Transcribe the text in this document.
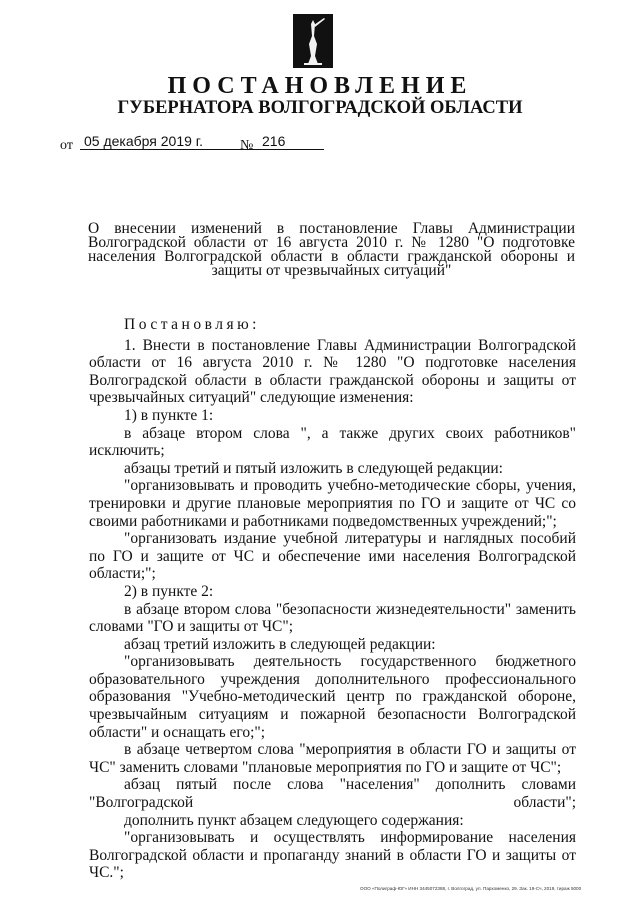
ПОСТАНОВЛЕНИЕ
ГУБЕРНАТОРА ВОЛГОГРАДСКОЙ ОБЛАСТИ
от 05 декабря 2019 г.	№ 216
О внесении изменений в постановление Главы Администрации Волгоградской области от 16 августа 2010 г. № 1280 "О подготовке населения Волгоградской области в области гражданской обороны и защиты от чрезвычайных ситуаций"

Постановляю:

1. Внести в постановление Главы Администрации Волгоградской области от 16 августа 2010 г. № 1280 "О подготовке населения Волгоградской области в области гражданской обороны и защиты от чрезвычайных ситуаций" следующие изменения:

1) в пункте 1:

в абзаце втором слова ", а также других своих работников" исключить;

абзацы третий и пятый изложить в следующей редакции:

"организовывать и проводить учебно-методические сборы, учения, тренировки и другие плановые мероприятия по ГО и защите от ЧС со своими работниками и работниками подведомственных учреждений;";

"организовать издание учебной литературы и наглядных пособий по ГО и защите от ЧС и обеспечение ими населения Волгоградской области;";

2) в пункте 2:

в абзаце втором слова "безопасности жизнедеятельности" заменить словами "ГО и защиты от ЧС";

абзац третий изложить в следующей редакции:

"организовывать деятельность государственного бюджетного образовательного учреждения дополнительного профессионального образования "Учебно-методический центр по гражданской обороне, чрезвычайным ситуациям и пожарной безопасности Волгоградской области" и оснащать его;";

в абзаце четвертом слова "мероприятия в области ГО и защиты от ЧС" заменить словами "плановые мероприятия по ГО и защите от ЧС";

абзац пятый после слова "населения" дополнить словами "Волгоградской области";

дополнить пункт абзацем следующего содержания:

"организовывать и осуществлять информирование населения Волгоградской области и пропаганду знаний в области ГО и защиты от ЧС.";

ООО «Полиграф-ЮГ» ИНН 3445072388, г. Волгоград, ул. Пархоменко, 29. Зак. 19-Сч, 2019, тираж 5000
